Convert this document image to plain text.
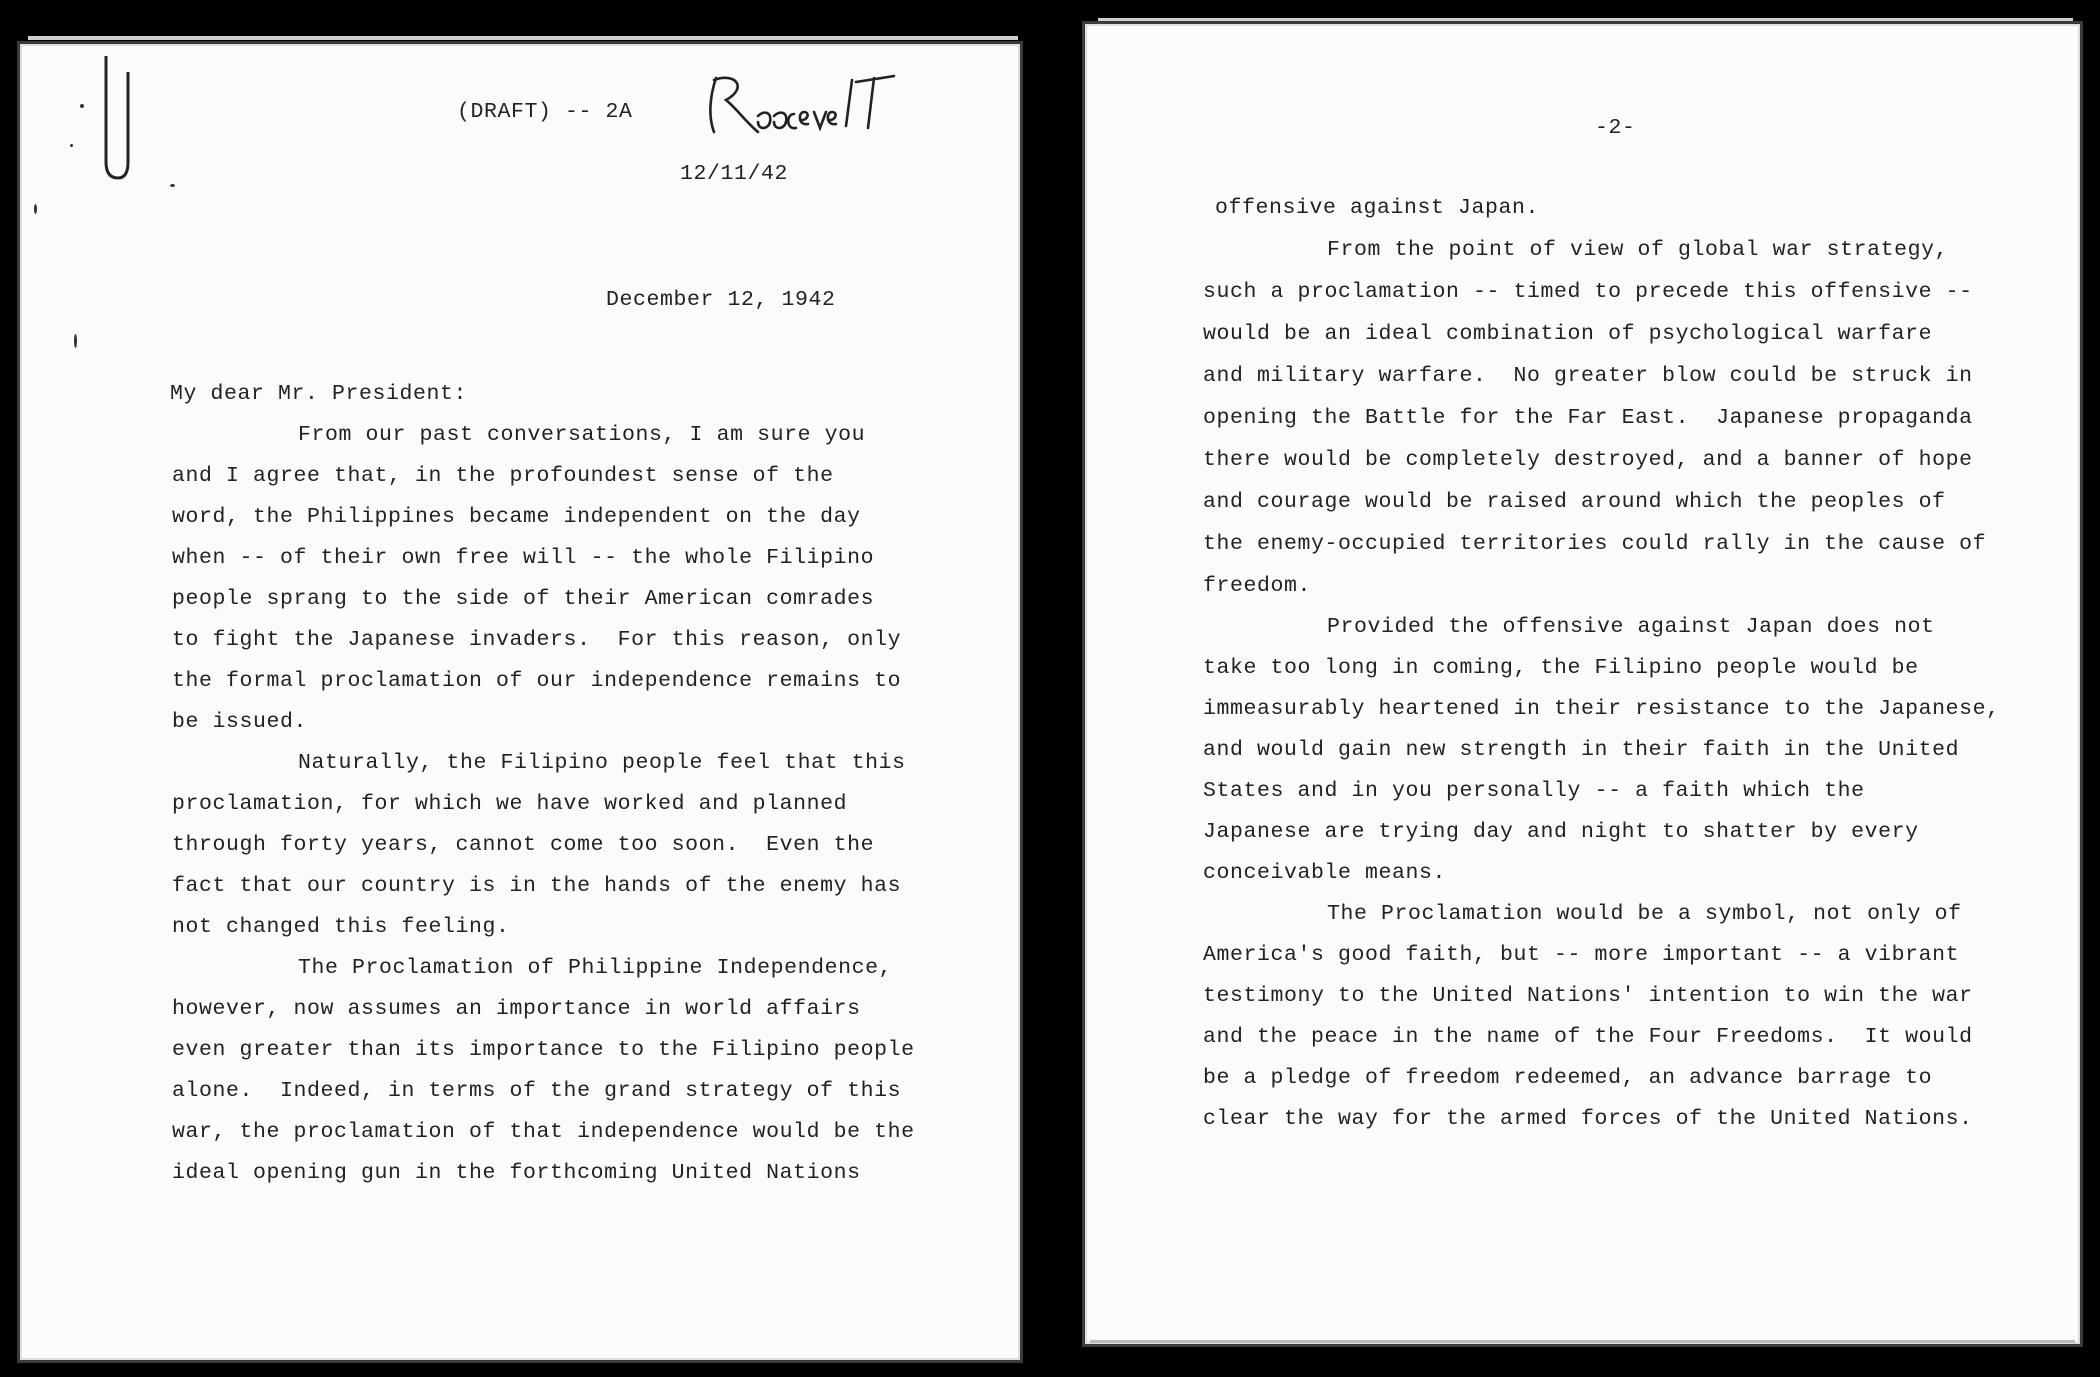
(DRAFT) -- 2A
12/11/42
December 12, 1942
My dear Mr. President:
From our past conversations, I am sure you
and I agree that, in the profoundest sense of the
word, the Philippines became independent on the day
when -- of their own free will -- the whole Filipino
people sprang to the side of their American comrades
to fight the Japanese invaders.  For this reason, only
the formal proclamation of our independence remains to
be issued.
Naturally, the Filipino people feel that this
proclamation, for which we have worked and planned
through forty years, cannot come too soon.  Even the
fact that our country is in the hands of the enemy has
not changed this feeling.
The Proclamation of Philippine Independence,
however, now assumes an importance in world affairs
even greater than its importance to the Filipino people
alone.  Indeed, in terms of the grand strategy of this
war, the proclamation of that independence would be the
ideal opening gun in the forthcoming United Nations
-2-
offensive against Japan.
From the point of view of global war strategy,
such a proclamation -- timed to precede this offensive --
would be an ideal combination of psychological warfare
and military warfare.  No greater blow could be struck in
opening the Battle for the Far East.  Japanese propaganda
there would be completely destroyed, and a banner of hope
and courage would be raised around which the peoples of
the enemy-occupied territories could rally in the cause of
freedom.
Provided the offensive against Japan does not
take too long in coming, the Filipino people would be
immeasurably heartened in their resistance to the Japanese,
and would gain new strength in their faith in the United
States and in you personally -- a faith which the
Japanese are trying day and night to shatter by every
conceivable means.
The Proclamation would be a symbol, not only of
America's good faith, but -- more important -- a vibrant
testimony to the United Nations' intention to win the war
and the peace in the name of the Four Freedoms.  It would
be a pledge of freedom redeemed, an advance barrage to
clear the way for the armed forces of the United Nations.
